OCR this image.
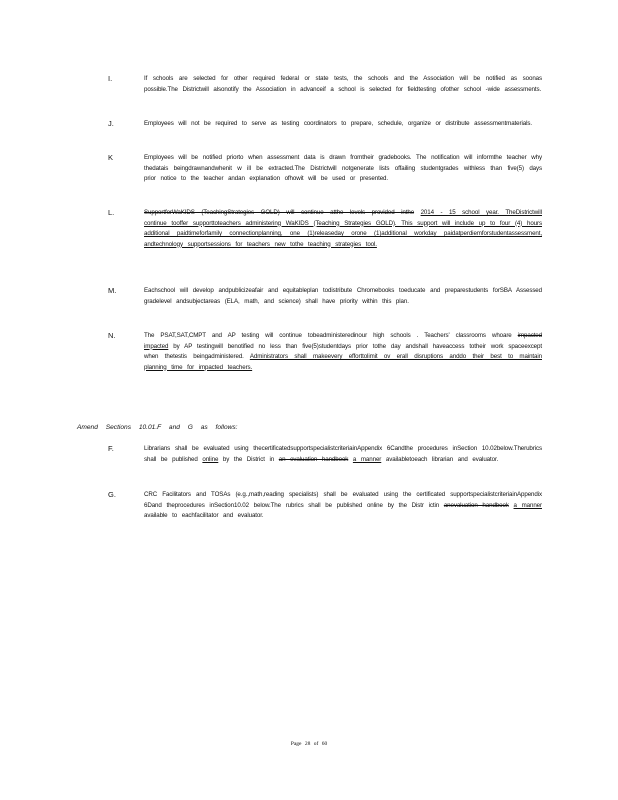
I.	If schools are selected for other required federal or state tests, the schools and the Association will be notified as soonas possible.The Districtwill alsonotify the Association in advanceif a school is selected for fieldtesting ofother school -wide assessments.
J.	Employees will not be required to serve as testing coordinators to prepare, schedule, organize or distribute assessmentmaterials.
K	Employees will be notified priorto when assessment data is drawn fromtheir gradebooks. The notification will informthe teacher why thedatais beingdrawnandwhenit w ill be extracted.The Districtwill notgenerate lists offailing studentgrades withless than five(5) days prior notice to the teacher andan explanation ofhowit will be used or presented.
L.	SupportforWaKIDS (TeachingStrategies GOLD) will continue atthe levels provided inthe 2014 - 15 school year. TheDistrictwill continue tooffer supporttoteachers administering WaKIDS (Teaching Strategies GOLD). This support will include up to four (4) hours additional paidtimeforfamily connectionplanning, one (1)releaseday orone (1)additional workday paidatperdiemforstudentassessment, andtechnology supportsessions for teachers new tothe teaching strategies tool.
M.	Eachschool will develop andpublicizeafair and equitableplan todistribute Chromebooks toeducate and preparestudents forSBA Assessed gradelevel andsubjectareas (ELA, math, and science) shall have priority within this plan.
N.	The PSAT,SAT,CMPT and AP testing will continue tobeadministeredinour high schools . Teachers' classrooms whoare impacted impacted by AP testingwill benotified no less than five(5)studentdays prior tothe day andshall haveaccess totheir work spaceexcept when thetestis beingadministered. Administrators shall makeevery efforttolimit ov erall disruptions anddo their best to maintain planning time for impacted teachers.
Amend Sections 10.01.F and G as follows:
F.	Librarians shall be evaluated using thecertificatedsupportspecialistcriteriainAppendix 6Candthe procedures inSection 10.02below.Therubrics shall be published online by the District in an evaluation handbook a manner availabletoeach librarian and evaluator.
G.	CRC Facilitators and TOSAs (e.g.,math,reading specialists) shall be evaluated using the certificated supportspecialistcriteriainAppendix 6Dand theprocedures inSection10.02 below.The rubrics shall be published online by the Distr ictin anevaluation handbook a manner available to eachfacilitator and evaluator.
Page 28 of 60
